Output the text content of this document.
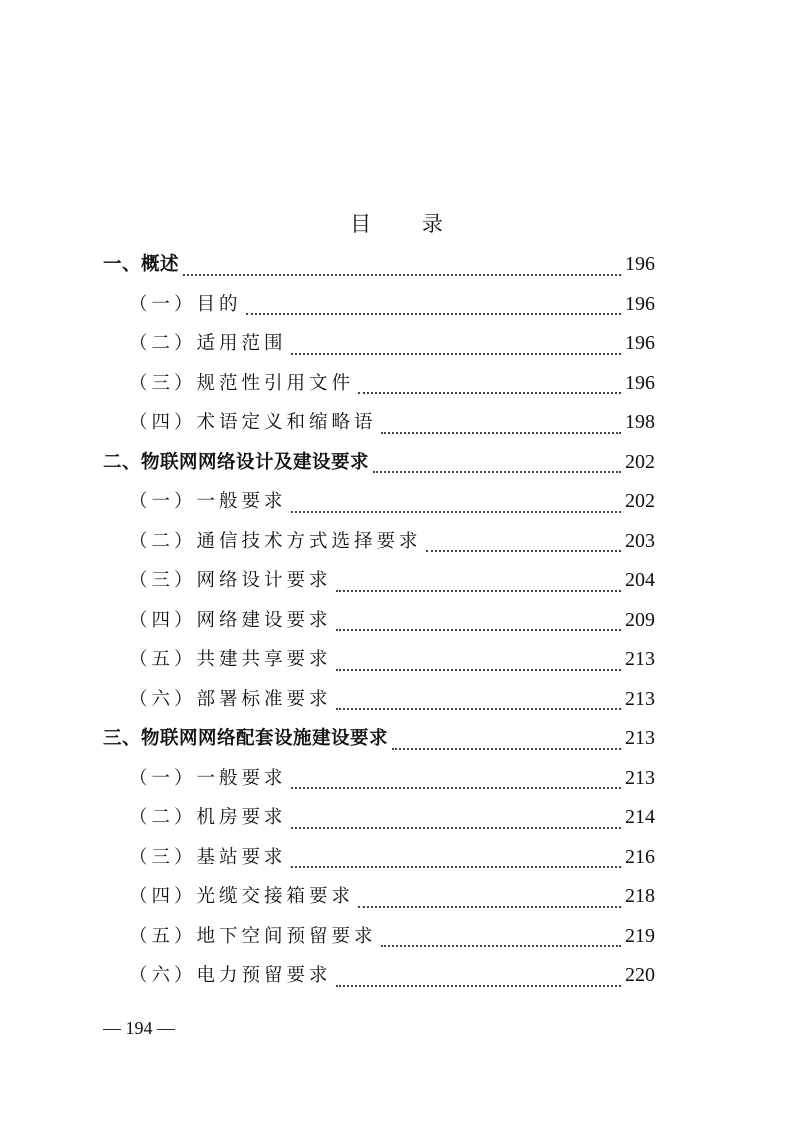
目 录
一、概述	196
（一）目的	196
（二）适用范围	196
（三）规范性引用文件	196
（四）术语定义和缩略语	198
二、物联网网络设计及建设要求	202
（一）一般要求	202
（二）通信技术方式选择要求	203
（三）网络设计要求	204
（四）网络建设要求	209
（五）共建共享要求	213
（六）部署标准要求	213
三、物联网网络配套设施建设要求	213
（一）一般要求	213
（二）机房要求	214
（三）基站要求	216
（四）光缆交接箱要求	218
（五）地下空间预留要求	219
（六）电力预留要求	220
— 194 —
